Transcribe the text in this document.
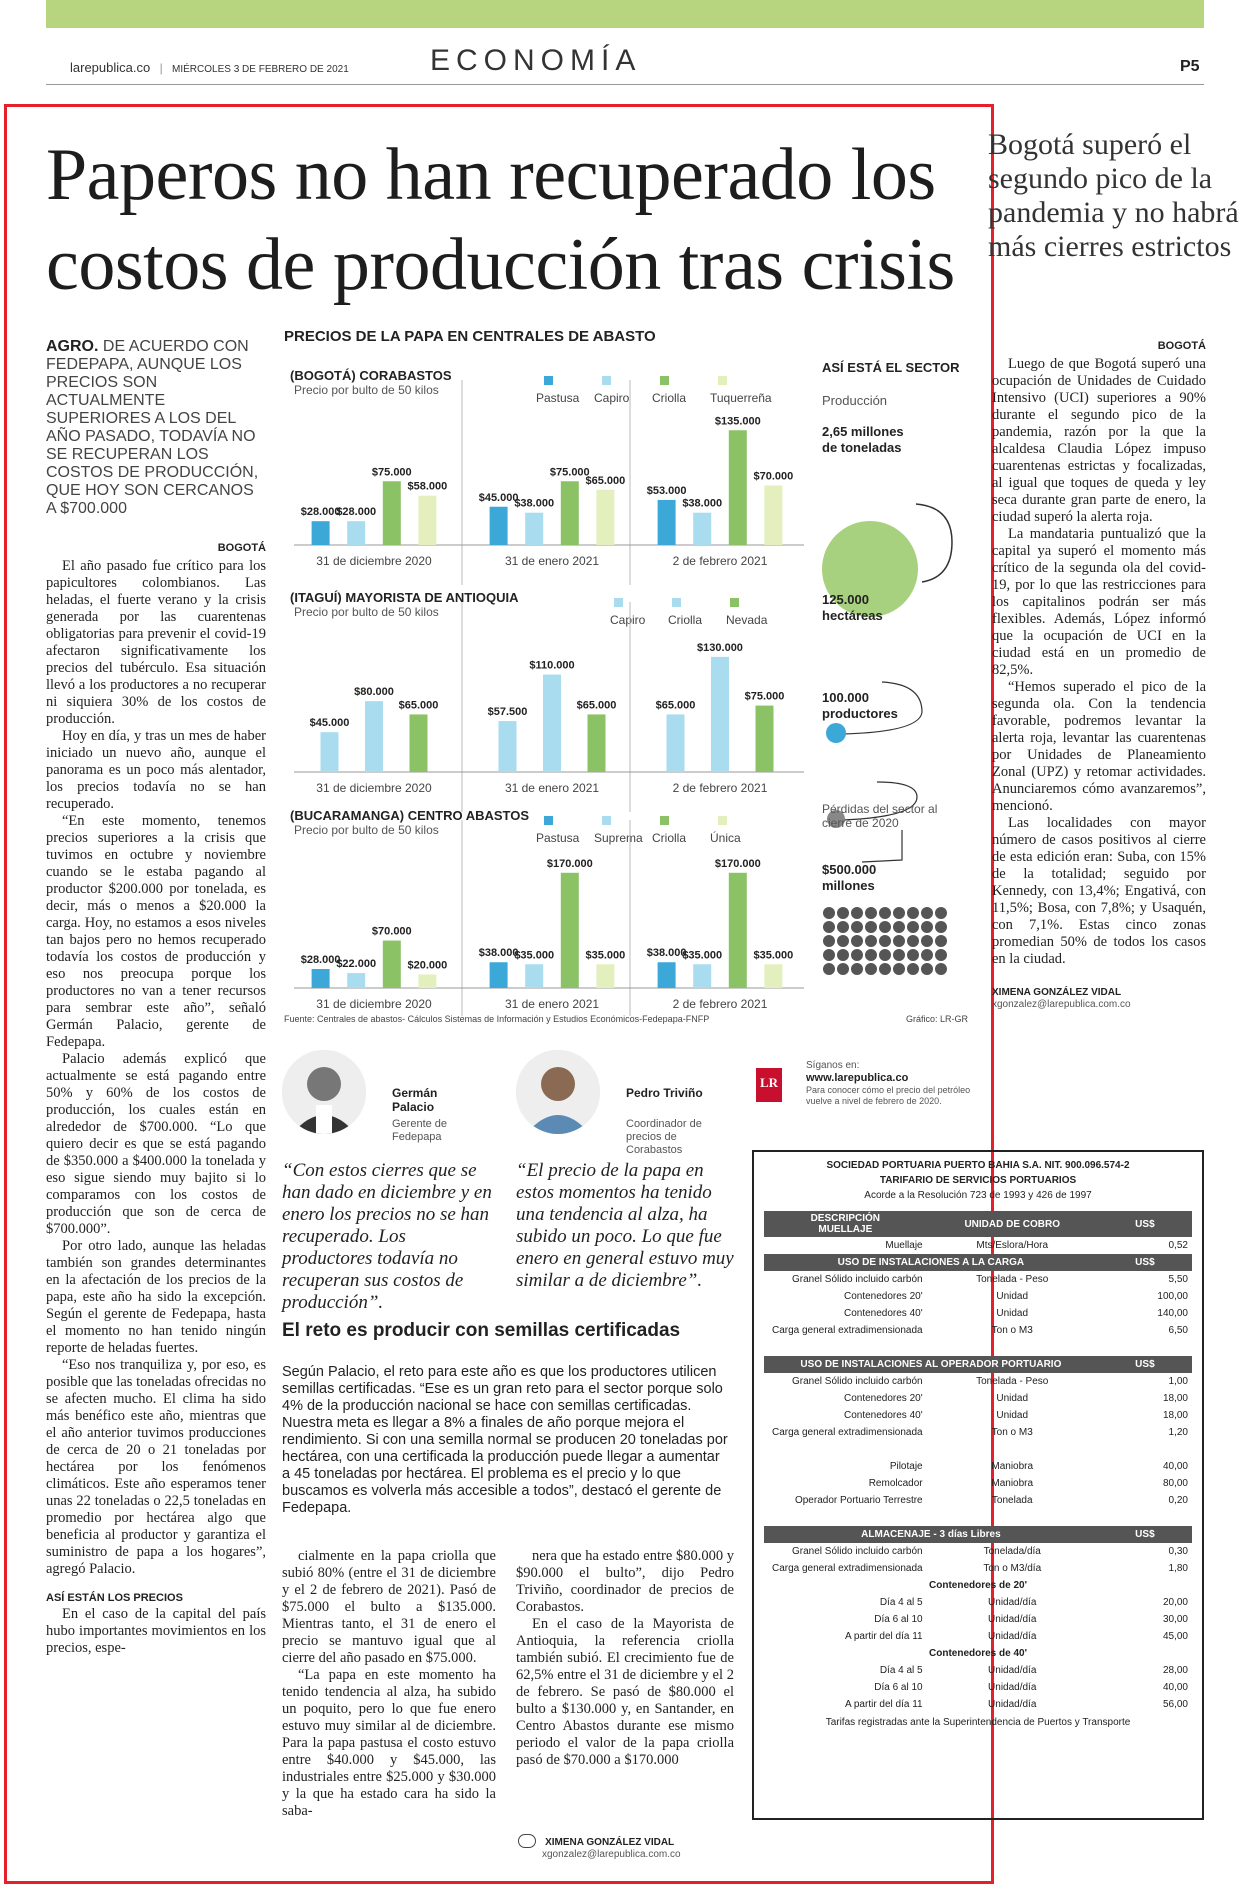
larepublica.co | MIÉRCOLES 3 DE FEBRERO DE 2021	ECONOMÍA	P5
Paperos no han recuperado los costos de producción tras crisis
Bogotá superó el segundo pico de la pandemia y no habrá más cierres estrictos
AGRO. DE ACUERDO CON FEDEPAPA, AUNQUE LOS PRECIOS SON ACTUALMENTE SUPERIORES A LOS DEL AÑO PASADO, TODAVÍA NO SE RECUPERAN LOS COSTOS DE PRODUCCIÓN, QUE HOY SON CERCANOS A $700.000
BOGOTÁ

El año pasado fue crítico para los papicultores colombianos. Las heladas, el fuerte verano y la crisis generada por las cuarentenas obligatorias para prevenir el covid-19 afectaron significativamente los precios del tubérculo. Esa situación llevó a los productores a no recuperar ni siquiera 30% de los costos de producción.

Hoy en día, y tras un mes de haber iniciado un nuevo año, aunque el panorama es un poco más alentador, los precios todavía no se han recuperado.

“En este momento, tenemos precios superiores a la crisis que tuvimos en octubre y noviembre cuando se le estaba pagando al productor $200.000 por tonelada, es decir, más o menos a $20.000 la carga. Hoy, no estamos a esos niveles tan bajos pero no hemos recuperado todavía los costos de producción y eso nos preocupa porque los productores no van a tener recursos para sembrar este año”, señaló Germán Palacio, gerente de Fedepapa.

Palacio además explicó que actualmente se está pagando entre 50% y 60% de los costos de producción, los cuales están en alrededor de $700.000. “Lo que quiero decir es que se está pagando de $350.000 a $400.000 la tonelada y eso sigue siendo muy bajito si lo comparamos con los costos de producción que son de cerca de $700.000”.

Por otro lado, aunque las heladas también son grandes determinantes en la afectación de los precios de la papa, este año ha sido la excepción. Según el gerente de Fedepapa, hasta el momento no han tenido ningún reporte de heladas fuertes.

“Eso nos tranquiliza y, por eso, es posible que las toneladas ofrecidas no se afecten mucho. El clima ha sido más benéfico este año, mientras que el año anterior tuvimos producciones de cerca de 20 o 21 toneladas por hectárea por los fenómenos climáticos. Este año esperamos tener unas 22 toneladas o 22,5 toneladas en promedio por hectárea algo que beneficia al productor y garantiza el suministro de papa a los hogares”, agregó Palacio.

ASÍ ESTÁN LOS PRECIOS

En el caso de la capital del país hubo importantes movimientos en los precios, espe-

PRECIOS DE LA PAPA EN CENTRALES DE ABASTO
(BOGOTÁ) CORABASTOS
Precio por bulto de 50 kilos
Pastusa Capiro Criolla Tuquerreña
$28.000
$28.000
$75.000
$58.000
31 de diciembre 2020
$45.000
$38.000
$75.000
$65.000
31 de enero 2021
$53.000
$38.000
$135.000
$70.000
2 de febrero 2021
(ITAGUÍ) MAYORISTA DE ANTIOQUIA
Precio por bulto de 50 kilos
Capiro Criolla Nevada
$45.000
$80.000
$65.000
31 de diciembre 2020
$57.500
$110.000
$65.000
31 de enero 2021
$65.000
$130.000
$75.000
2 de febrero 2021
(BUCARAMANGA) CENTRO ABASTOS
Precio por bulto de 50 kilos
Pastusa Suprema Criolla Única
$28.000
$22.000
$70.000
$20.000
31 de diciembre 2020
$38.000
$35.000
$170.000
$35.000
31 de enero 2021
$38.000
$35.000
$170.000
$35.000
2 de febrero 2021
Fuente: Centrales de abastos- Cálculos Sistemas de Información y Estudios Económicos-Fedepapa-FNFP	Gráfico: LR-GR
ASÍ ESTÁ EL SECTOR
Producción
2,65 millones de toneladas
125.000 hectáreas
100.000 productores
Pérdidas del sector al cierre de 2020
$500.000 millones
LR
Síganos en:
www.larepublica.co
Para conocer cómo el precio del petróleo vuelve a nivel de febrero de 2020.
Germán Palacio
Gerente de Fedepapa
Pedro Triviño
Coordinador de precios de Corabastos
“Con estos cierres que se han dado en diciembre y en enero los precios no se han recuperado. Los productores todavía no recuperan sus costos de producción”.
“El precio de la papa en estos momentos ha tenido una tendencia al alza, ha subido un poco. Lo que fue enero en general estuvo muy similar a de diciembre”.
El reto es producir con semillas certificadas
Según Palacio, el reto para este año es que los productores utilicen semillas certificadas. “Ese es un gran reto para el sector porque solo 4% de la producción nacional se hace con semillas certificadas. Nuestra meta es llegar a 8% a finales de año porque mejora el rendimiento. Si con una semilla normal se producen 20 toneladas por hectárea, con una certificada la producción puede llegar a aumentar a 45 toneladas por hectárea. El problema es el precio y lo que buscamos es volverla más accesible a todos”, destacó el gerente de Fedepapa.

cialmente en la papa criolla que subió 80% (entre el 31 de diciembre y el 2 de febrero de 2021). Pasó de $75.000 el bulto a $135.000. Mientras tanto, el 31 de enero el precio se mantuvo igual que al cierre del año pasado en $75.000.

“La papa en este momento ha tenido tendencia al alza, ha subido un poquito, pero lo que fue enero estuvo muy similar al de diciembre. Para la papa pastusa el costo estuvo entre $40.000 y $45.000, las industriales entre $25.000 y $30.000 y la que ha estado cara ha sido la saba-

nera que ha estado entre $80.000 y $90.000 el bulto”, dijo Pedro Triviño, coordinador de precios de Corabastos.

En el caso de la Mayorista de Antioquia, la referencia criolla también subió. El crecimiento fue de 62,5% entre el 31 de diciembre y el 2 de febrero. Se pasó de $80.000 el bulto a $130.000 y, en Santander, en Centro Abastos durante ese mismo periodo el valor de la papa criolla pasó de $70.000 a $170.000

XIMENA GONZÁLEZ VIDAL
xgonzalez@larepublica.com.co
BOGOTÁ

Luego de que Bogotá superó una ocupación de Unidades de Cuidado Intensivo (UCI) superiores a 90% durante el segundo pico de la pandemia, razón por la que la alcaldesa Claudia López impuso cuarentenas estrictas y focalizadas, al igual que toques de queda y ley seca durante gran parte de enero, la ciudad superó la alerta roja.

La mandataria puntualizó que la capital ya superó el momento más crítico de la segunda ola del covid-19, por lo que las restricciones para los capitalinos podrán ser más flexibles. Además, López informó que la ocupación de UCI en la ciudad está en un promedio de 82,5%.

“Hemos superado el pico de la segunda ola. Con la tendencia favorable, podremos levantar la alerta roja, levantar las cuarentenas por Unidades de Planeamiento Zonal (UPZ) y retomar actividades. Anunciaremos cómo avanzaremos”, mencionó.

Las localidades con mayor número de casos positivos al cierre de esta edición eran: Suba, con 15% de la totalidad; seguido por Kennedy, con 13,4%; Engativá, con 11,5%; Bosa, con 7,8%; y Usaquén, con 7,1%. Estas cinco zonas promedian 50% de todos los casos en la ciudad.

XIMENA GONZÁLEZ VIDAL
xgonzalez@larepublica.com.co
SOCIEDAD PORTUARIA PUERTO BAHIA S.A. NIT. 900.096.574-2
TARIFARIO DE SERVICIOS PORTUARIOS
Acorde a la Resolución 723 de 1993 y 426 de 1997
DESCRIPCIÓN
MUELLAJE	UNIDAD DE COBRO	US$
Muellaje	Mts/Eslora/Hora	0,52
USO DE INSTALACIONES A LA CARGA		US$
Granel Sólido incluido carbón	Tonelada - Peso	5,50
Contenedores 20'	Unidad	100,00
Contenedores 40'	Unidad	140,00
Carga general extradimensionada	Ton o M3	6,50

USO DE INSTALACIONES AL OPERADOR PORTUARIO		US$
Granel Sólido incluido carbón	Tonelada - Peso	1,00
Contenedores 20'	Unidad	18,00
Contenedores 40'	Unidad	18,00
Carga general extradimensionada	Ton o M3	1,20

Pilotaje	Maniobra	40,00
Remolcador	Maniobra	80,00
Operador Portuario Terrestre	Tonelada	0,20

ALMACENAJE - 3 días Libres		US$
Granel Sólido incluido carbón	Tonelada/día	0,30
Carga general extradimensionada	Ton o M3/día	1,80
Contenedores de 20'		
Día 4 al 5	Unidad/día	20,00
Día 6 al 10	Unidad/día	30,00
A partir del día 11	Unidad/día	45,00
Contenedores de 40'		
Día 4 al 5	Unidad/día	28,00
Día 6 al 10	Unidad/día	40,00
A partir del día 11	Unidad/día	56,00
Tarifas registradas ante la Superintendencia de Puertos y Transporte
